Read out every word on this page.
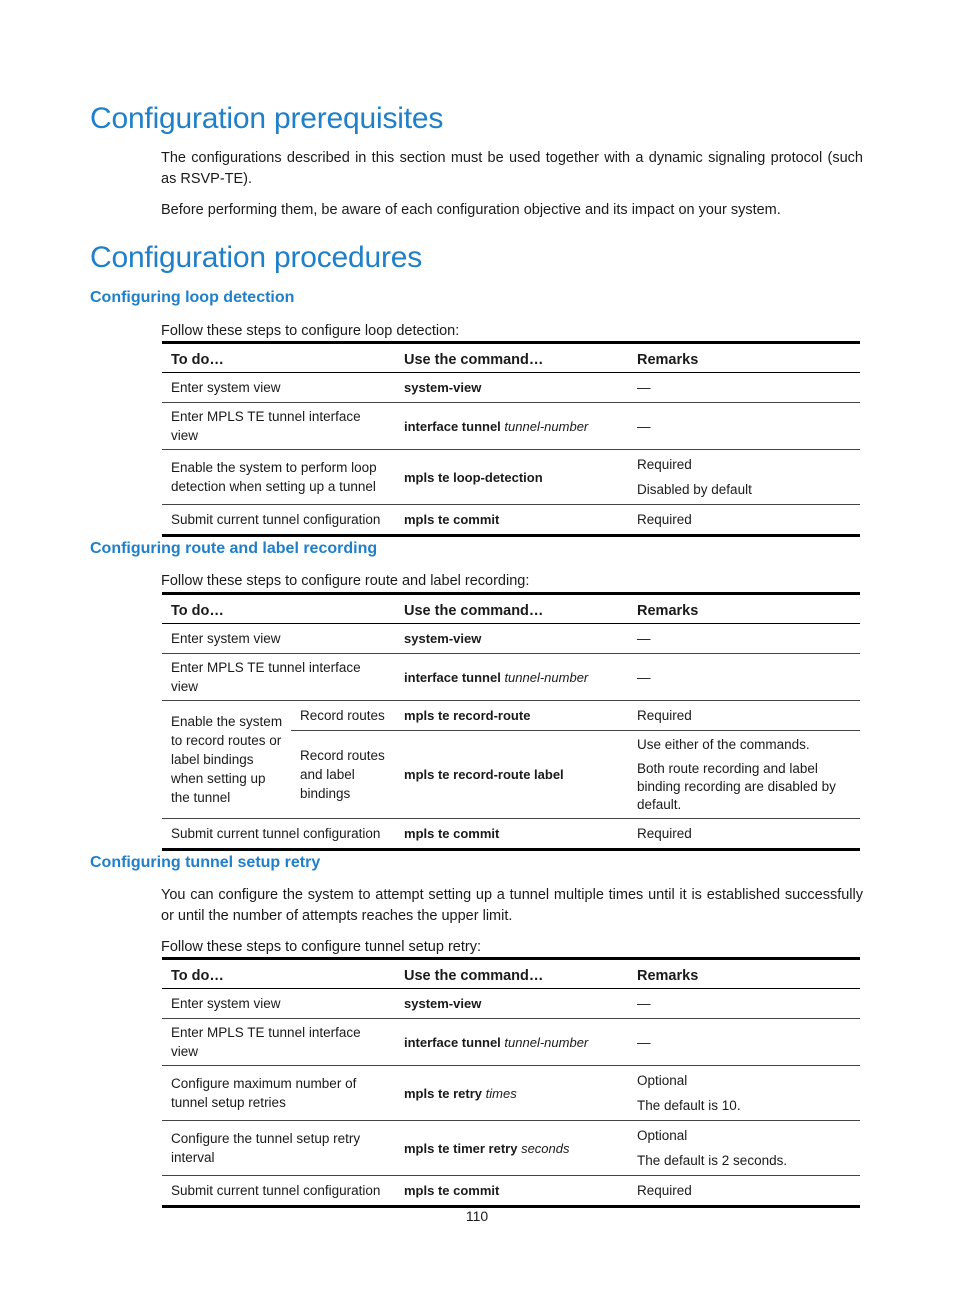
Configuration prerequisites

The configurations described in this section must be used together with a dynamic signaling protocol (such as RSVP-TE).

Before performing them, be aware of each configuration objective and its impact on your system.

Configuration procedures
Configuring loop detection

Follow these steps to configure loop detection:

To do…	Use the command…	Remarks
Enter system view	system-view	—

Enter MPLS TE tunnel interface view	interface tunnel tunnel-number	—

Enable the system to perform loop detection when setting up a tunnel	mpls te loop-detection	Required
Disabled by default

Submit current tunnel configuration	mpls te commit	Required
Configuring route and label recording

Follow these steps to configure route and label recording:

To do…		Use the command…	Remarks
Enter system view		system-view	—
Enter MPLS TE tunnel interface view		interface tunnel tunnel-number	—
Enable the system to record routes or label bindings when setting up the tunnel	Record routes	mpls te record-route	Required
	Record routes and label bindings	mpls te record-route label	Use either of the commands.
Both route recording and label binding recording are disabled by default.

Submit current tunnel configuration		mpls te commit	Required
Configuring tunnel setup retry

You can configure the system to attempt setting up a tunnel multiple times until it is established successfully or until the number of attempts reaches the upper limit.

Follow these steps to configure tunnel setup retry:

To do…	Use the command…	Remarks
Enter system view	system-view	—

Enter MPLS TE tunnel interface view	interface tunnel tunnel-number	—

Configure maximum number of tunnel setup retries	mpls te retry times	Optional
The default is 10.

Configure the tunnel setup retry interval	mpls te timer retry seconds	Optional
The default is 2 seconds.

Submit current tunnel configuration	mpls te commit	Required
110
